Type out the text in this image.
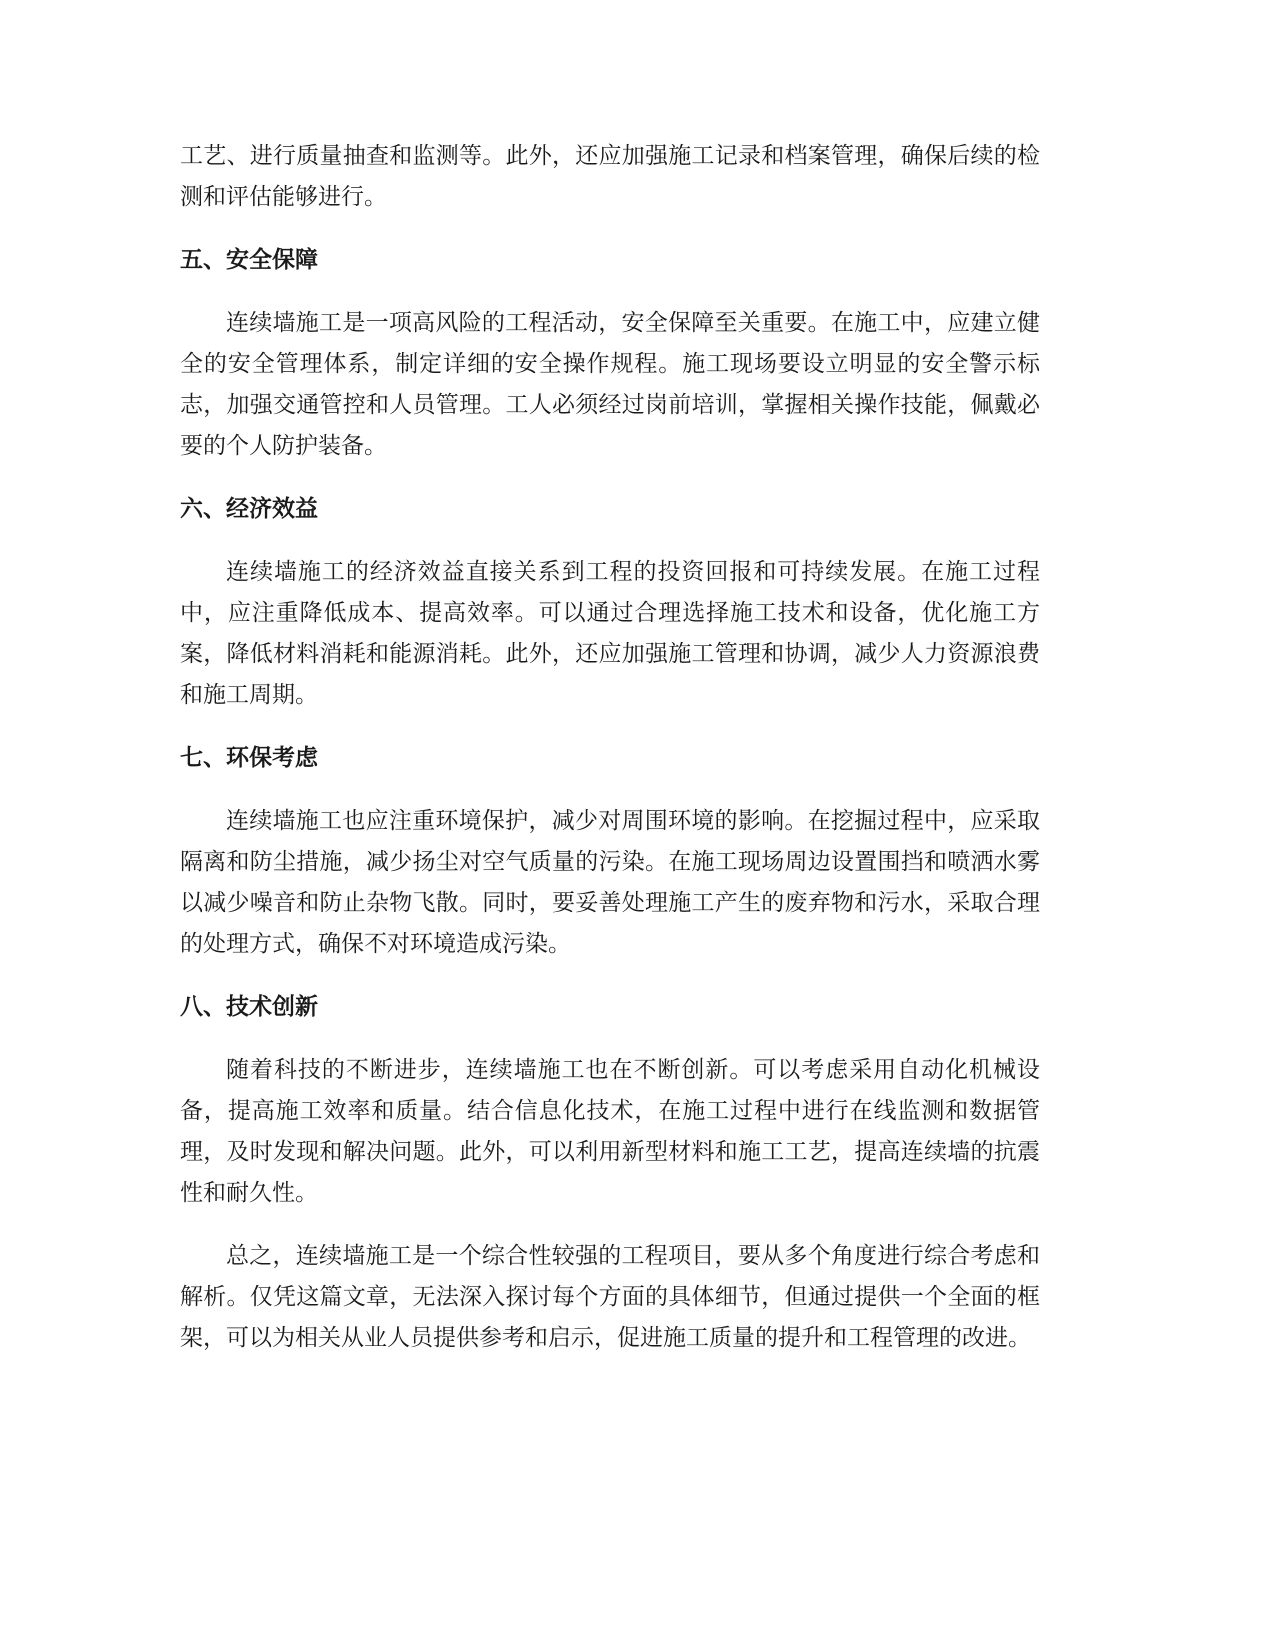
工艺、进行质量抽查和监测等。此外，还应加强施工记录和档案管理，确保后续的检测和评估能够进行。

五、安全保障

连续墙施工是一项高风险的工程活动，安全保障至关重要。在施工中，应建立健全的安全管理体系，制定详细的安全操作规程。施工现场要设立明显的安全警示标志，加强交通管控和人员管理。工人必须经过岗前培训，掌握相关操作技能，佩戴必要的个人防护装备。

六、经济效益

连续墙施工的经济效益直接关系到工程的投资回报和可持续发展。在施工过程中，应注重降低成本、提高效率。可以通过合理选择施工技术和设备，优化施工方案，降低材料消耗和能源消耗。此外，还应加强施工管理和协调，减少人力资源浪费和施工周期。

七、环保考虑

连续墙施工也应注重环境保护，减少对周围环境的影响。在挖掘过程中，应采取隔离和防尘措施，减少扬尘对空气质量的污染。在施工现场周边设置围挡和喷洒水雾以减少噪音和防止杂物飞散。同时，要妥善处理施工产生的废弃物和污水，采取合理的处理方式，确保不对环境造成污染。

八、技术创新

随着科技的不断进步，连续墙施工也在不断创新。可以考虑采用自动化机械设备，提高施工效率和质量。结合信息化技术，在施工过程中进行在线监测和数据管理，及时发现和解决问题。此外，可以利用新型材料和施工工艺，提高连续墙的抗震性和耐久性。

总之，连续墙施工是一个综合性较强的工程项目，要从多个角度进行综合考虑和解析。仅凭这篇文章，无法深入探讨每个方面的具体细节，但通过提供一个全面的框架，可以为相关从业人员提供参考和启示，促进施工质量的提升和工程管理的改进。
